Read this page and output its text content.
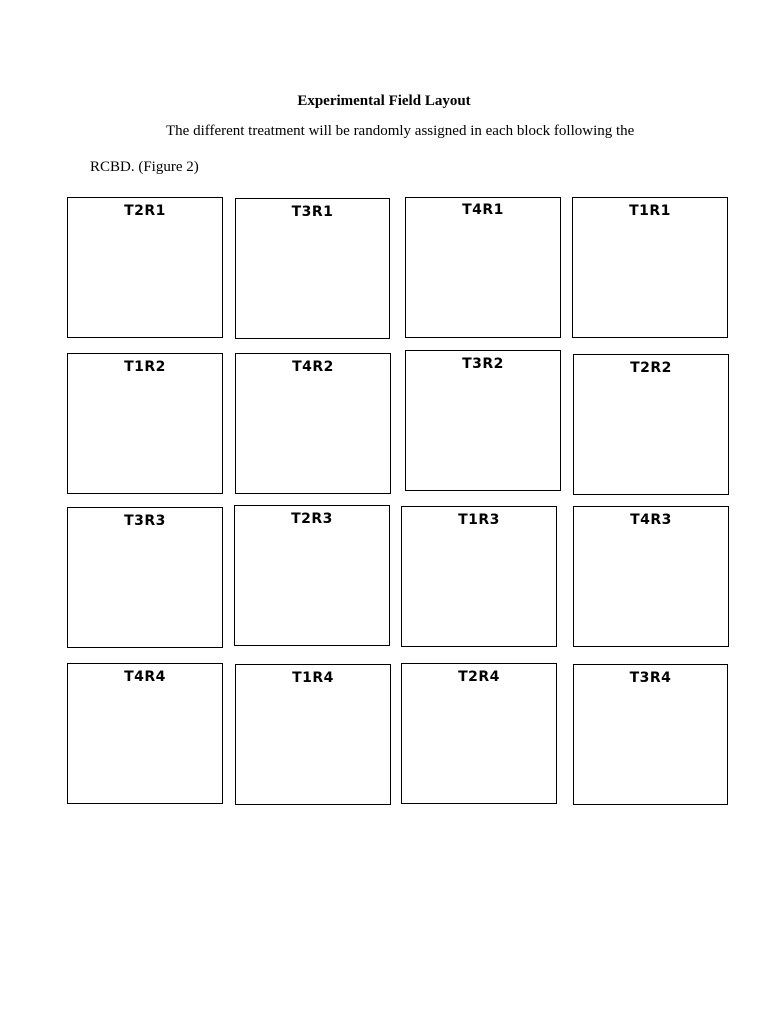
Experimental Field Layout
The different treatment will be randomly assigned in each block following the
RCBD. (Figure 2)
T2R1	T3R1	T4R1	T1R1
T1R2	T4R2	T3R2	T2R2
T3R3	T2R3	T1R3	T4R3
T4R4	T1R4	T2R4	T3R4
